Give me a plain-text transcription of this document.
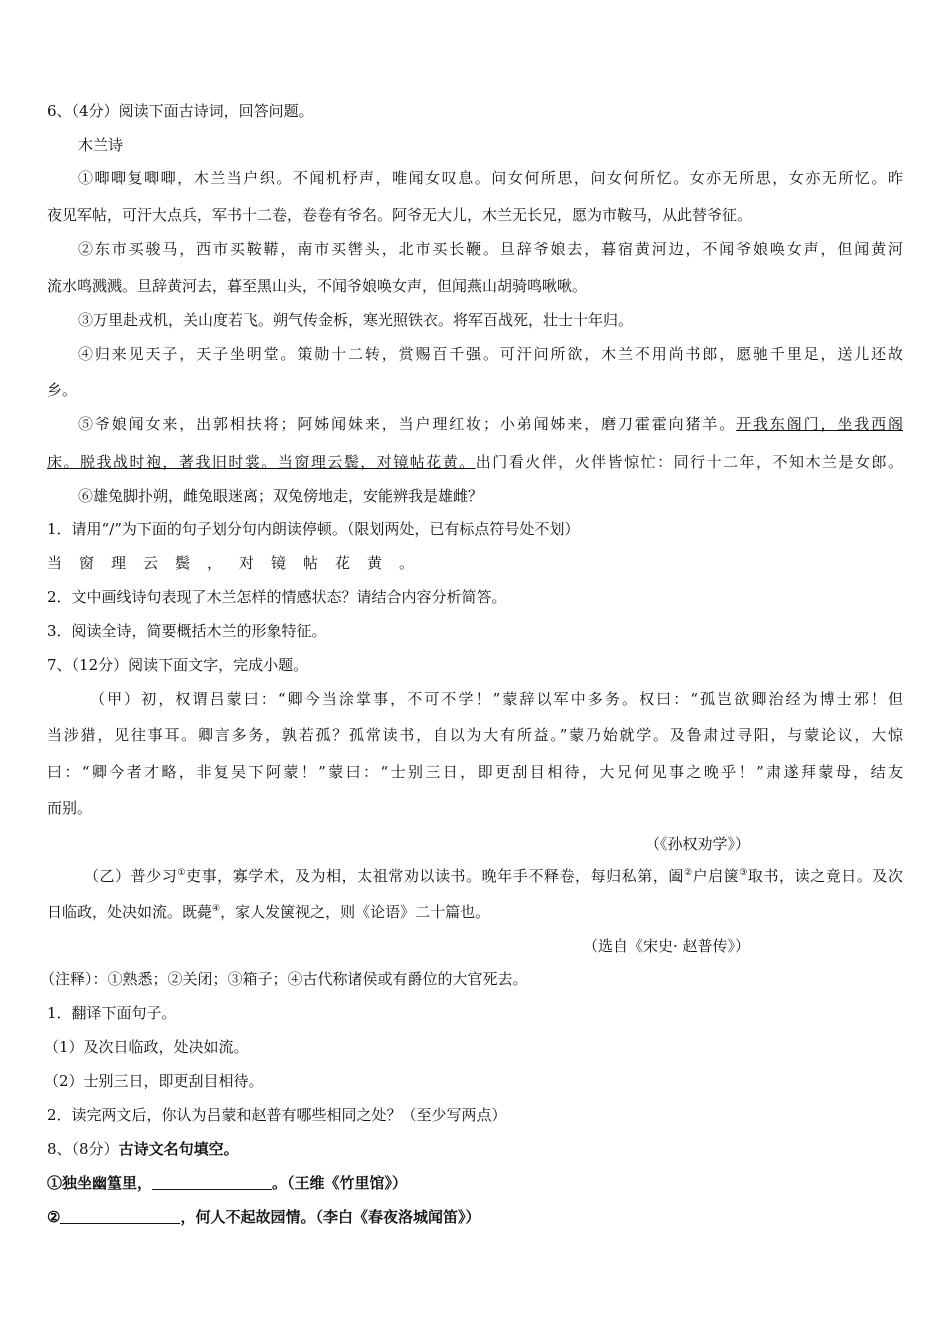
6、（4分）阅读下面古诗词，回答问题。
木兰诗
①唧唧复唧唧，木兰当户织。不闻机杼声，唯闻女叹息。问女何所思，问女何所忆。女亦无所思，女亦无所忆。昨
夜见军帖，可汗大点兵，军书十二卷，卷卷有爷名。阿爷无大儿，木兰无长兄，愿为市鞍马，从此替爷征。
②东市买骏马，西市买鞍鞯，南市买辔头，北市买长鞭。旦辞爷娘去，暮宿黄河边，不闻爷娘唤女声，但闻黄河
流水鸣溅溅。旦辞黄河去，暮至黑山头，不闻爷娘唤女声，但闻燕山胡骑鸣啾啾。
③万里赴戎机，关山度若飞。朔气传金柝，寒光照铁衣。将军百战死，壮士十年归。
④归来见天子，天子坐明堂。策勋十二转，赏赐百千强。可汗问所欲，木兰不用尚书郎，愿驰千里足，送儿还故
乡。
⑤爷娘闻女来，出郭相扶将；阿姊闻妹来，当户理红妆；小弟闻姊来，磨刀霍霍向猪羊。开我东阁门，坐我西阁
床。脱我战时袍，著我旧时裳。当窗理云鬓，对镜帖花黄。出门看火伴，火伴皆惊忙：同行十二年，不知木兰是女郎。
⑥雄兔脚扑朔，雌兔眼迷离；双兔傍地走，安能辨我是雄雌？
1．请用“/”为下面的句子划分句内朗读停顿。（限划两处，已有标点符号处不划）
当窗理云鬓，对镜帖花黄。
2．文中画线诗句表现了木兰怎样的情感状态？请结合内容分析简答。
3．阅读全诗，简要概括木兰的形象特征。
7、（12分）阅读下面文字，完成小题。
（甲）初，权谓吕蒙曰：“卿今当涂掌事，不可不学！”蒙辞以军中多务。权曰：“孤岂欲卿治经为博士邪！但
当涉猎，见往事耳。卿言多务，孰若孤？孤常读书，自以为大有所益。”蒙乃始就学。及鲁肃过寻阳，与蒙论议，大惊
曰：“卿今者才略，非复吴下阿蒙！”蒙曰：“士别三日，即更刮目相待，大兄何见事之晚乎！”肃遂拜蒙母，结友
而别。
（《孙权劝学》）
（乙）普少习①吏事，寡学术，及为相，太祖常劝以读书。晚年手不释卷，每归私第，阖②户启箧③取书，读之竟日。及次
日临政，处决如流。既薨④，家人发箧视之，则《论语》二十篇也。
（选自《宋史· 赵普传》）
（注释）：①熟悉；②关闭；③箱子；④古代称诸侯或有爵位的大官死去。
1．翻译下面句子。
（1）及次日临政，处决如流。
（2）士别三日，即更刮目相待。
2．读完两文后，你认为吕蒙和赵普有哪些相同之处？（至少写两点）
8、（8分）古诗文名句填空。
①独坐幽篁里，	。（王维《竹里馆》）
②	，何人不起故园情。（李白《春夜洛城闻笛》）
